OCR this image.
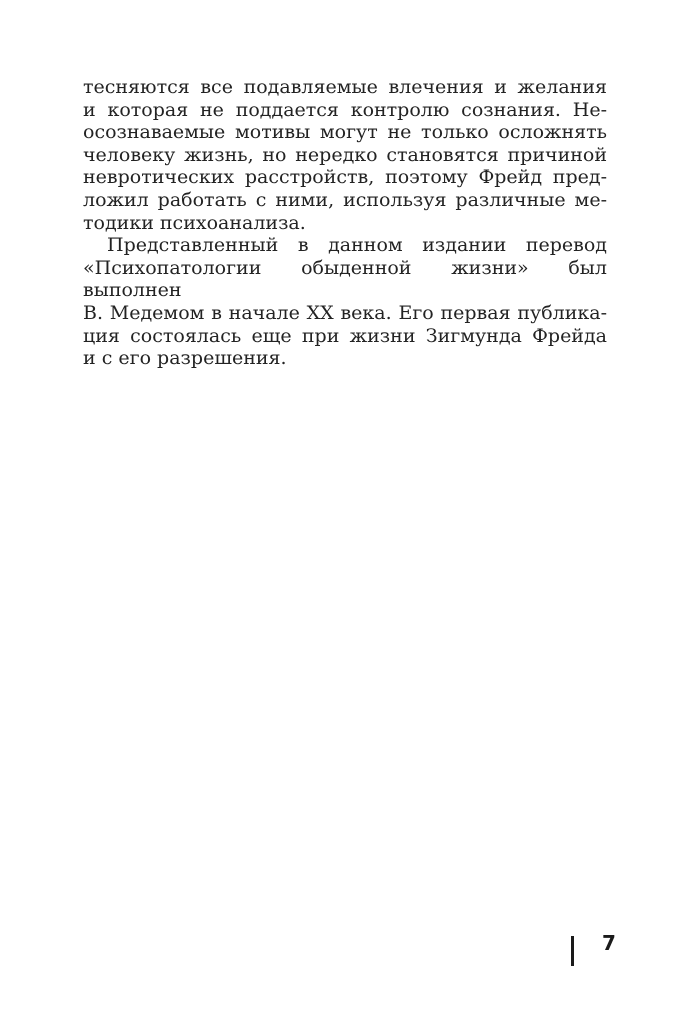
тесняются все подавляемые влечения и желания
и которая не поддается контролю сознания. Не-
осознаваемые мотивы могут не только осложнять
человеку жизнь, но нередко становятся причиной
невротических расстройств, поэтому Фрейд пред-
ложил работать с ними, используя различные ме-
тодики психоанализа.
Представленный в данном издании перевод
«Психопатологии обыденной жизни» был выполнен
В. Медемом в начале XX века. Его первая публика-
ция состоялась еще при жизни Зигмунда Фрейда
и с его разрешения.
7
